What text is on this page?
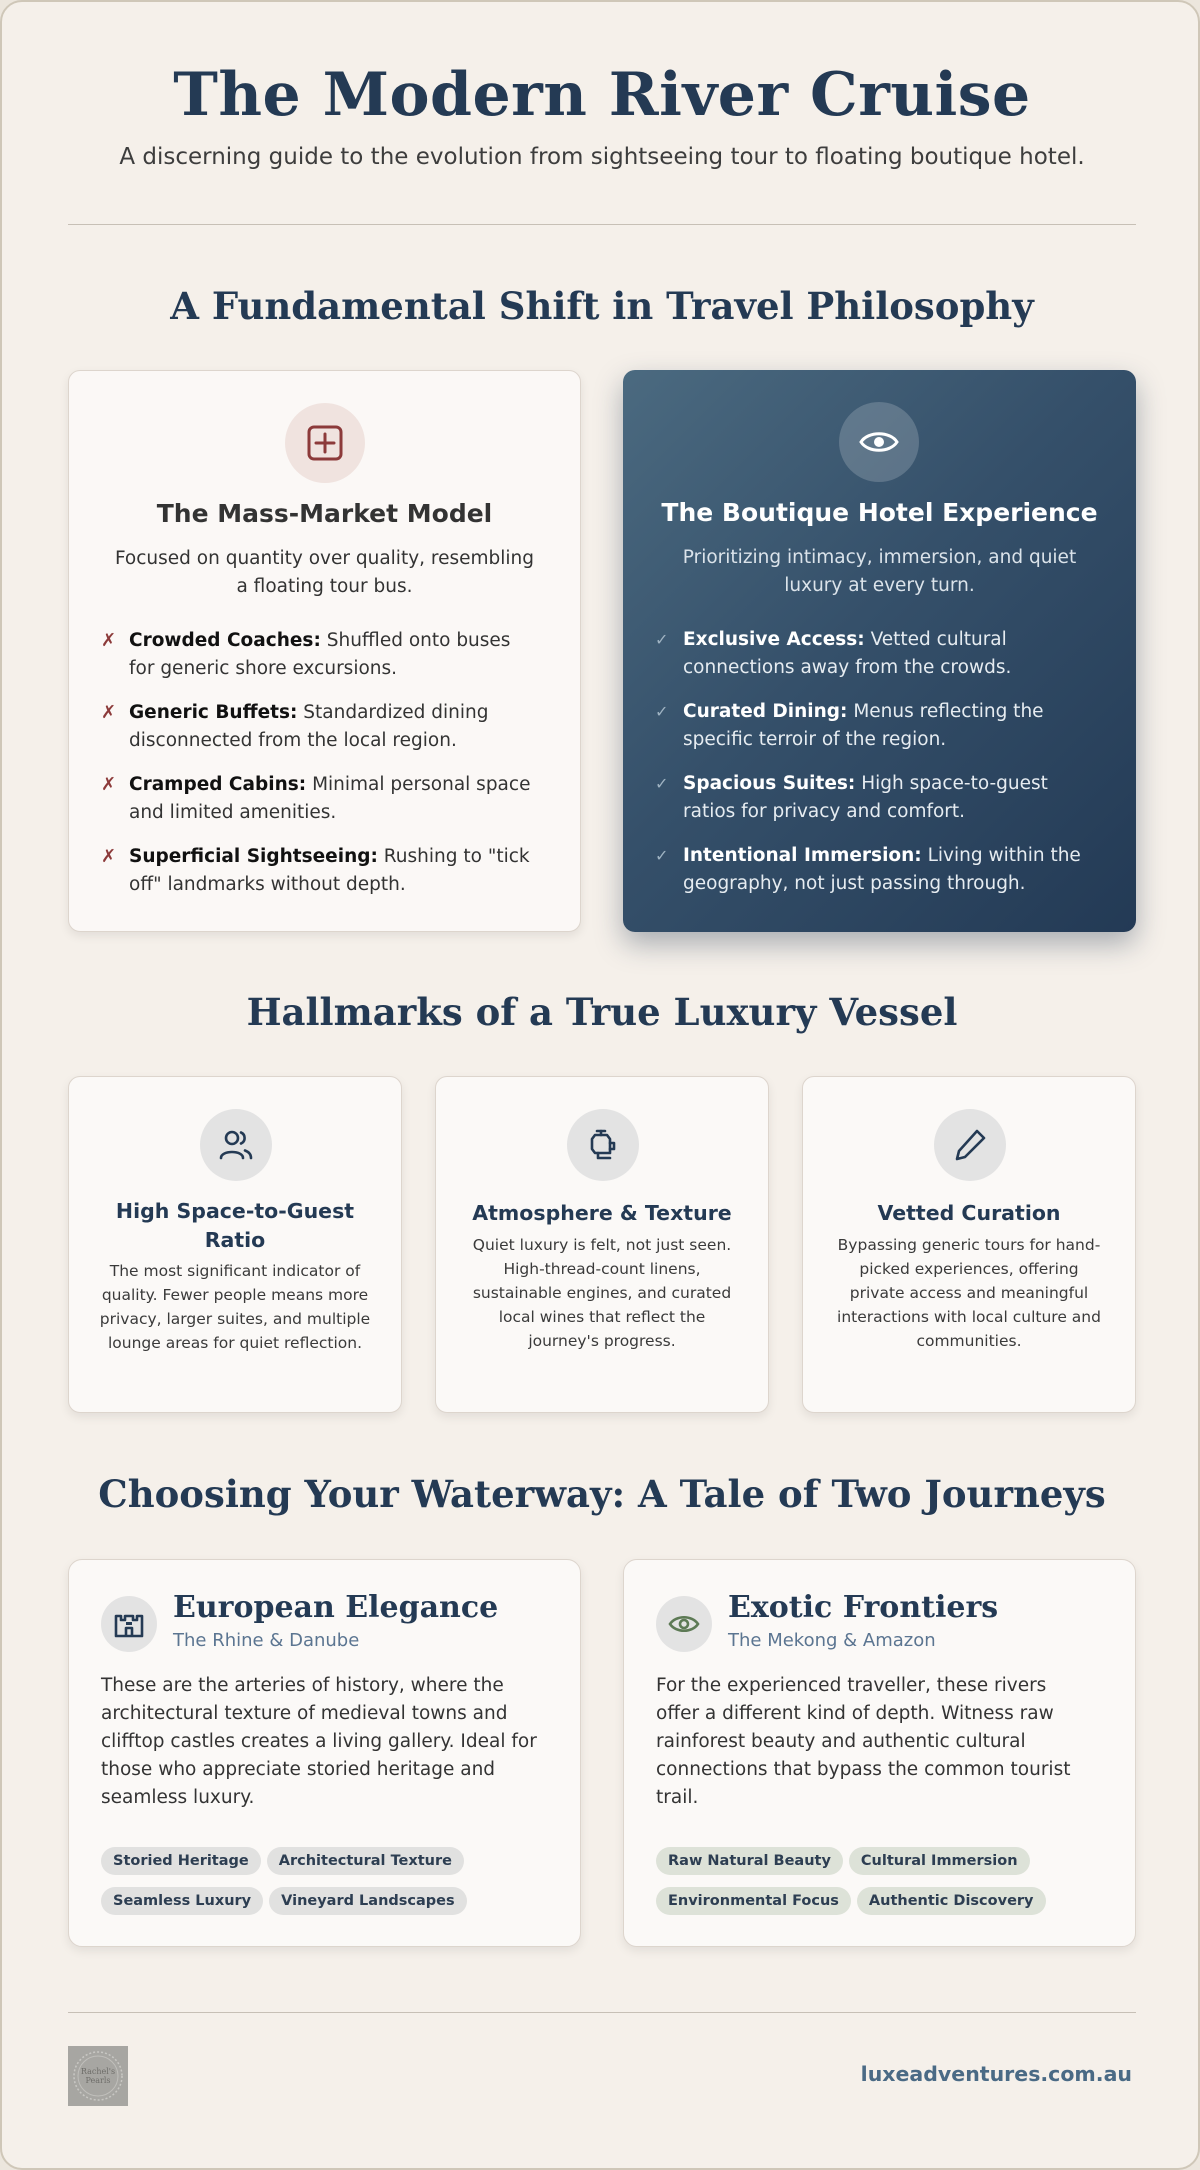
The Modern River Cruise

A discerning guide to the evolution from sightseeing tour to floating boutique hotel.

A Fundamental Shift in Travel Philosophy
The Mass-Market Model
Focused on quantity over quality, resembling a floating tour bus.
✗ Crowded Coaches: Shuffled onto buses for generic shore excursions.
✗ Generic Buffets: Standardized dining disconnected from the local region.
✗ Cramped Cabins: Minimal personal space and limited amenities.
✗ Superficial Sightseeing: Rushing to "tick off" landmarks without depth.
The Boutique Hotel Experience
Prioritizing intimacy, immersion, and quiet luxury at every turn.
✓ Exclusive Access: Vetted cultural connections away from the crowds.
✓ Curated Dining: Menus reflecting the specific terroir of the region.
✓ Spacious Suites: High space-to-guest ratios for privacy and comfort.
✓ Intentional Immersion: Living within the geography, not just passing through.
Hallmarks of a True Luxury Vessel
High Space-to-Guest Ratio
The most significant indicator of quality. Fewer people means more privacy, larger suites, and multiple lounge areas for quiet reflection.
Atmosphere & Texture
Quiet luxury is felt, not just seen. High-thread-count linens, sustainable engines, and curated local wines that reflect the journey's progress.
Vetted Curation
Bypassing generic tours for hand-picked experiences, offering private access and meaningful interactions with local culture and communities.
Choosing Your Waterway: A Tale of Two Journeys
European Elegance
The Rhine & Danube
These are the arteries of history, where the architectural texture of medieval towns and clifftop castles creates a living gallery. Ideal for those who appreciate storied heritage and seamless luxury.
Storied Heritage Architectural Texture
Seamless Luxury Vineyard Landscapes
Exotic Frontiers
The Mekong & Amazon
For the experienced traveller, these rivers offer a different kind of depth. Witness raw rainforest beauty and authentic cultural connections that bypass the common tourist trail.
Raw Natural Beauty Cultural Immersion
Environmental Focus Authentic Discovery
Rachel's
Pearls	luxeadventures.com.au
